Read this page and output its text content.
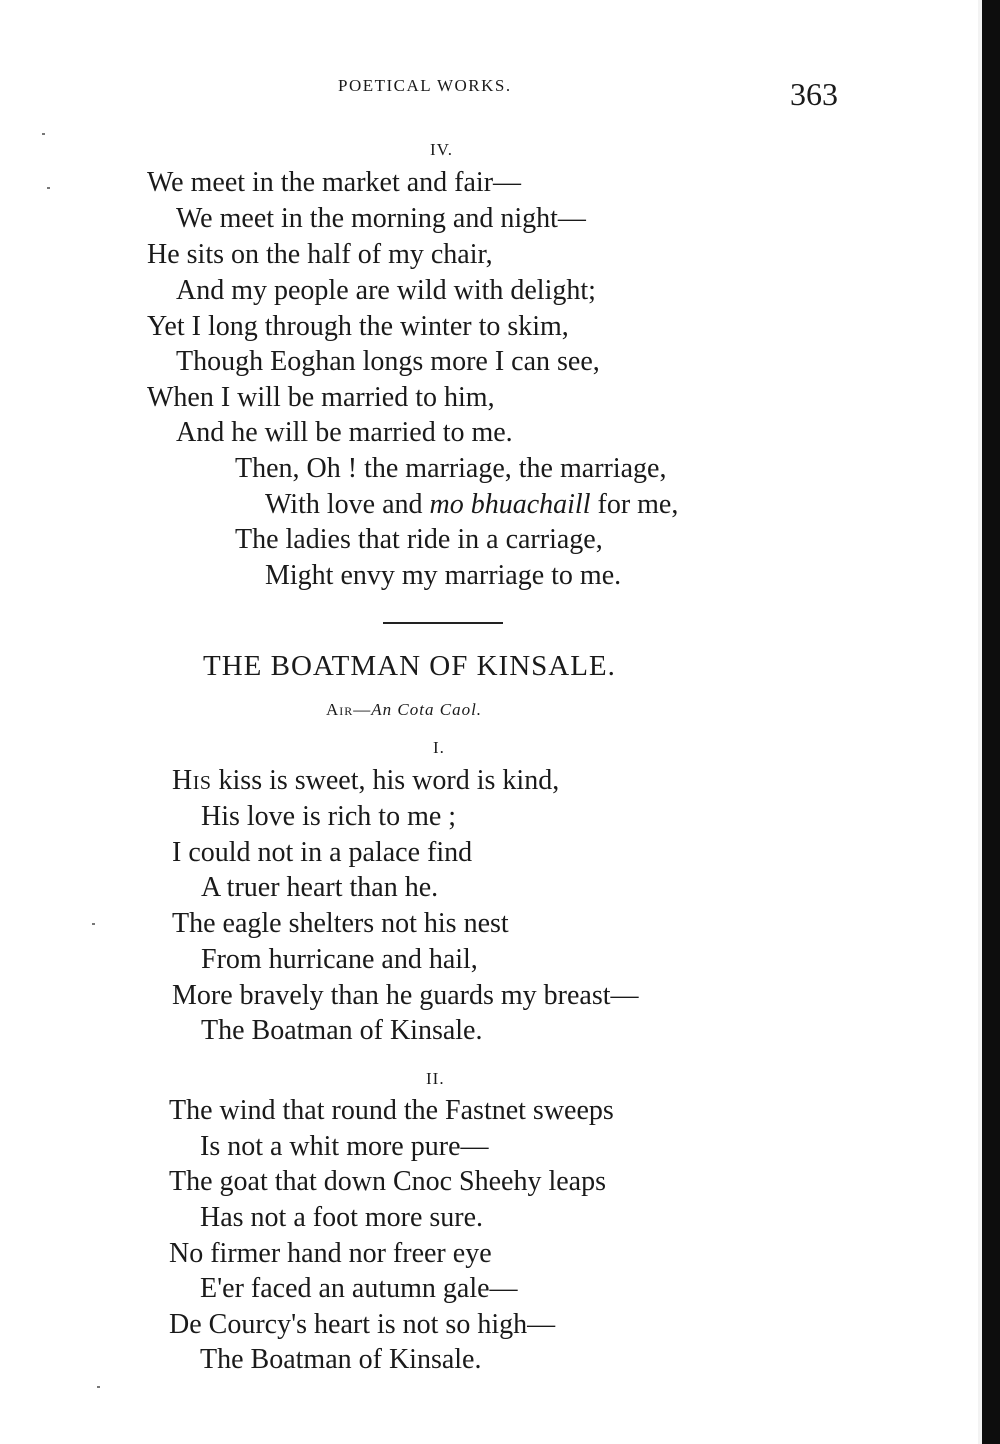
POETICAL WORKS.	363
IV.
We meet in the market and fair—
We meet in the morning and night—
He sits on the half of my chair,
And my people are wild with delight;
Yet I long through the winter to skim,
Though Eoghan longs more I can see,
When I will be married to him,
And he will be married to me.
Then, Oh ! the marriage, the marriage,
With love and mo bhuachaill for me,
The ladies that ride in a carriage,
Might envy my marriage to me.
THE BOATMAN OF KINSALE.
Air—An Cota Caol.
I.
His kiss is sweet, his word is kind,
His love is rich to me ;
I could not in a palace find
A truer heart than he.
The eagle shelters not his nest
From hurricane and hail,
More bravely than he guards my breast—
The Boatman of Kinsale.
II.
The wind that round the Fastnet sweeps
Is not a whit more pure—
The goat that down Cnoc Sheehy leaps
Has not a foot more sure.
No firmer hand nor freer eye
E'er faced an autumn gale—
De Courcy's heart is not so high—
The Boatman of Kinsale.
